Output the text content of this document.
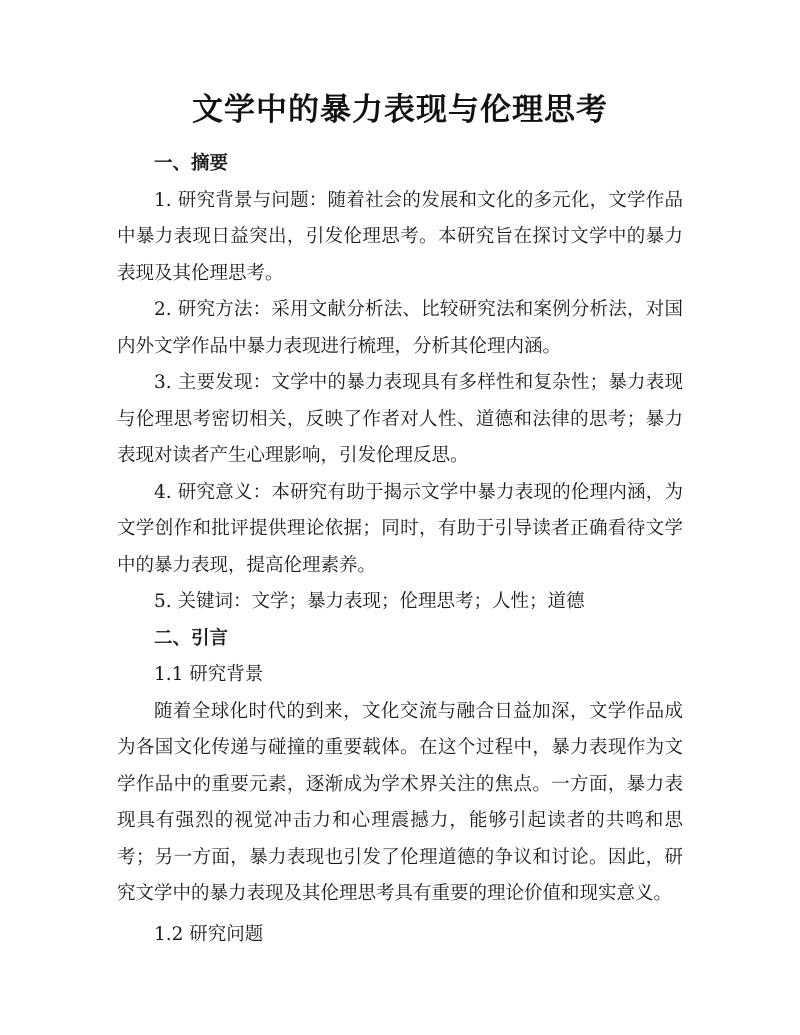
文学中的暴力表现与伦理思考
一、摘要

1. 研究背景与问题：随着社会的发展和文化的多元化，文学作品中暴力表现日益突出，引发伦理思考。本研究旨在探讨文学中的暴力表现及其伦理思考。

2. 研究方法：采用文献分析法、比较研究法和案例分析法，对国内外文学作品中暴力表现进行梳理，分析其伦理内涵。

3. 主要发现：文学中的暴力表现具有多样性和复杂性；暴力表现与伦理思考密切相关，反映了作者对人性、道德和法律的思考；暴力表现对读者产生心理影响，引发伦理反思。

4. 研究意义：本研究有助于揭示文学中暴力表现的伦理内涵，为文学创作和批评提供理论依据；同时，有助于引导读者正确看待文学中的暴力表现，提高伦理素养。

5. 关键词：文学；暴力表现；伦理思考；人性；道德

二、引言
1.1 研究背景

随着全球化时代的到来，文化交流与融合日益加深，文学作品成为各国文化传递与碰撞的重要载体。在这个过程中，暴力表现作为文学作品中的重要元素，逐渐成为学术界关注的焦点。一方面，暴力表现具有强烈的视觉冲击力和心理震撼力，能够引起读者的共鸣和思考；另一方面，暴力表现也引发了伦理道德的争议和讨论。因此，研究文学中的暴力表现及其伦理思考具有重要的理论价值和现实意义。

1.2 研究问题
